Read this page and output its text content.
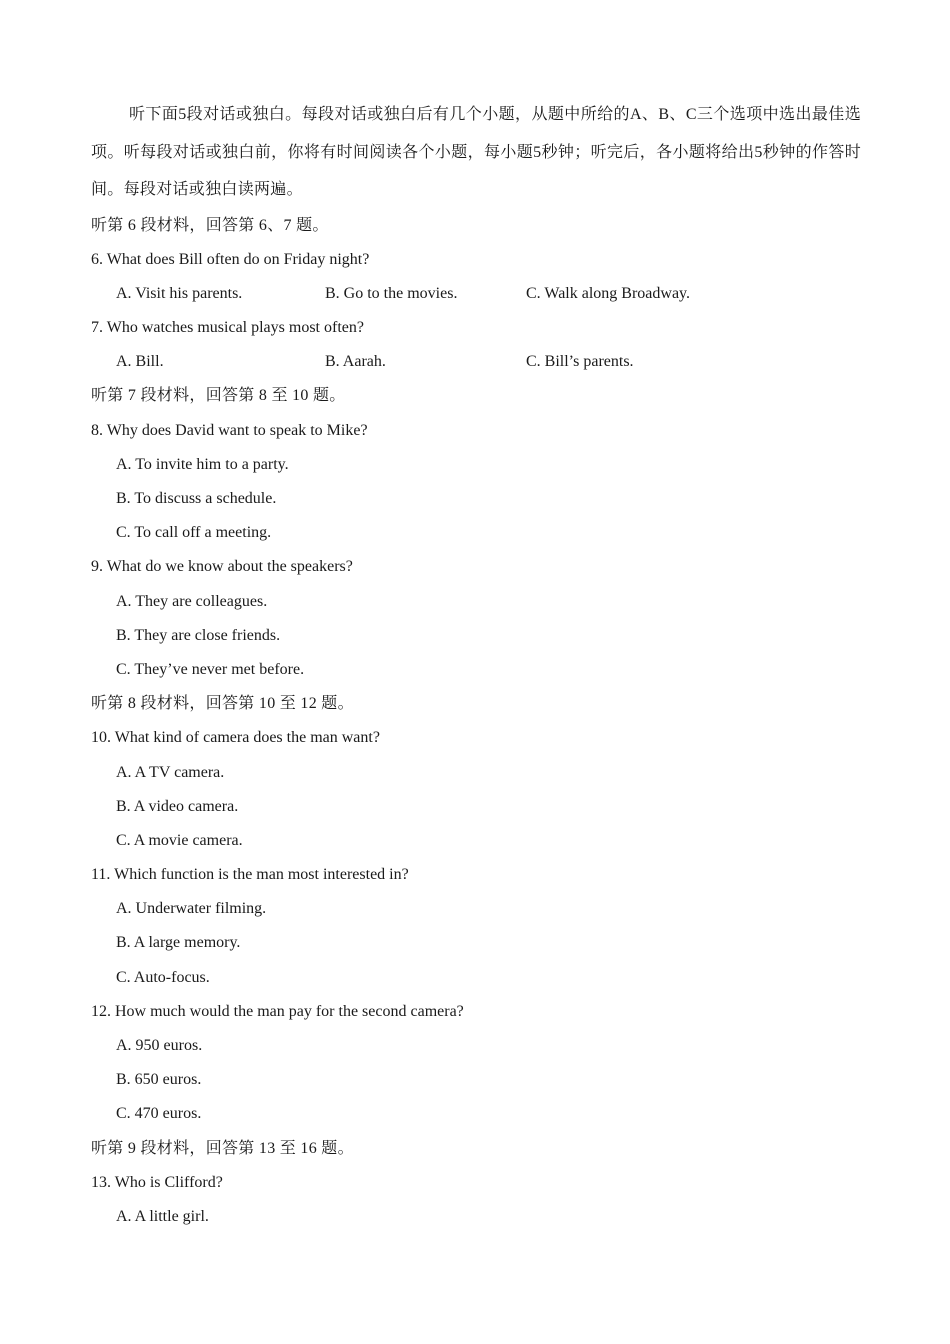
听下面5段对话或独白。每段对话或独白后有几个小题，从题中所给的A、B、C三个选项中选出最佳选项。听每段对话或独白前，你将有时间阅读各个小题，每小题5秒钟；听完后，各小题将给出5秒钟的作答时间。每段对话或独白读两遍。

听第 6 段材料，回答第 6、7 题。
6. What does Bill often do on Friday night?
A. Visit his parents.	B. Go to the movies.	C. Walk along Broadway.
7. Who watches musical plays most often?
A. Bill.	B. Aarah.	C. Bill’s parents.
听第 7 段材料，回答第 8 至 10 题。
8. Why does David want to speak to Mike?
A. To invite him to a party.
B. To discuss a schedule.
C. To call off a meeting.
9. What do we know about the speakers?
A. They are colleagues.
B. They are close friends.
C. They’ve never met before.
听第 8 段材料，回答第 10 至 12 题。
10. What kind of camera does the man want?
A. A TV camera.
B. A video camera.
C. A movie camera.
11. Which function is the man most interested in?
A. Underwater filming.
B. A large memory.
C. Auto-focus.
12. How much would the man pay for the second camera?
A. 950 euros.
B. 650 euros.
C. 470 euros.
听第 9 段材料，回答第 13 至 16 题。
13. Who is Clifford?
A. A little girl.
